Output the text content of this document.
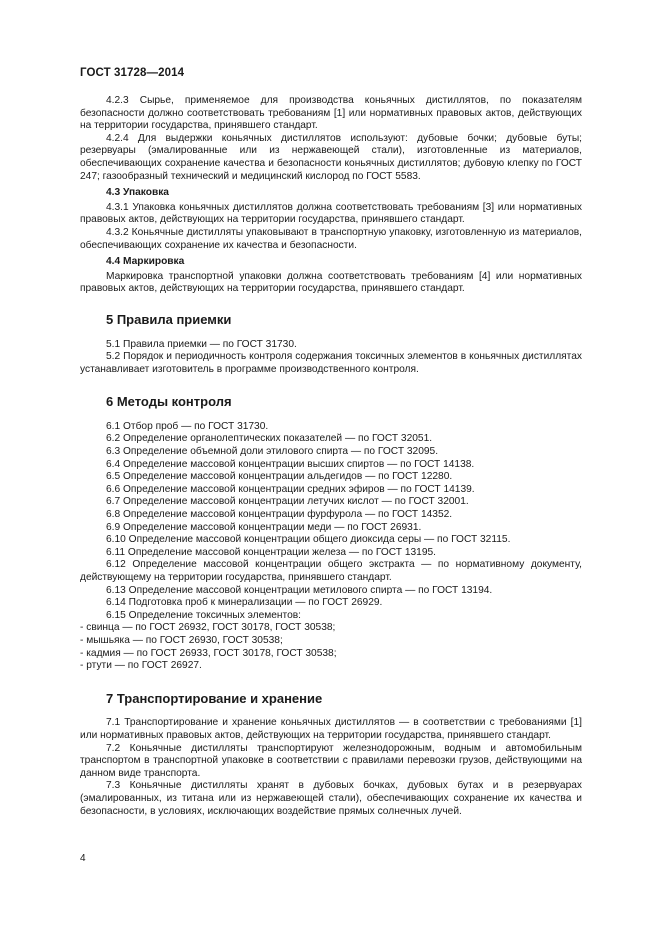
ГОСТ 31728—2014

4.2.3 Сырье, применяемое для производства коньячных дистиллятов, по показателям безопасности должно соответствовать требованиям [1] или нормативных правовых актов, действующих на территории государства, принявшего стандарт.

4.2.4 Для выдержки коньячных дистиллятов используют: дубовые бочки; дубовые буты; резервуары (эмалированные или из нержавеющей стали), изготовленные из материалов, обеспечивающих сохранение качества и безопасности коньячных дистиллятов; дубовую клепку по ГОСТ 247; газообразный технический и медицинский кислород по ГОСТ 5583.

4.3 Упаковка

4.3.1 Упаковка коньячных дистиллятов должна соответствовать требованиям [3] или нормативных правовых актов, действующих на территории государства, принявшего стандарт.

4.3.2 Коньячные дистилляты упаковывают в транспортную упаковку, изготовленную из материалов, обеспечивающих сохранение их качества и безопасности.

4.4 Маркировка

Маркировка транспортной упаковки должна соответствовать требованиям [4] или нормативных правовых актов, действующих на территории государства, принявшего стандарт.

5 Правила приемки

5.1 Правила приемки — по ГОСТ 31730.

5.2 Порядок и периодичность контроля содержания токсичных элементов в коньячных дистиллятах устанавливает изготовитель в программе производственного контроля.

6 Методы контроля

6.1 Отбор проб — по ГОСТ 31730.

6.2 Определение органолептических показателей — по ГОСТ 32051.

6.3 Определение объемной доли этилового спирта — по ГОСТ 32095.

6.4 Определение массовой концентрации высших спиртов — по ГОСТ 14138.

6.5 Определение массовой концентрации альдегидов — по ГОСТ 12280.

6.6 Определение массовой концентрации средних эфиров — по ГОСТ 14139.

6.7 Определение массовой концентрации летучих кислот — по ГОСТ 32001.

6.8 Определение массовой концентрации фурфурола — по ГОСТ 14352.

6.9 Определение массовой концентрации меди — по ГОСТ 26931.

6.10 Определение массовой концентрации общего диоксида серы — по ГОСТ 32115.

6.11 Определение массовой концентрации железа — по ГОСТ 13195.

6.12 Определение массовой концентрации общего экстракта — по нормативному документу, действующему на территории государства, принявшего стандарт.

6.13 Определение массовой концентрации метилового спирта — по ГОСТ 13194.

6.14 Подготовка проб к минерализации — по ГОСТ 26929.

6.15 Определение токсичных элементов:

- свинца — по ГОСТ 26932, ГОСТ 30178, ГОСТ 30538;

- мышьяка — по ГОСТ 26930, ГОСТ 30538;

- кадмия — по ГОСТ 26933, ГОСТ 30178, ГОСТ 30538;

- ртути — по ГОСТ 26927.

7 Транспортирование и хранение

7.1 Транспортирование и хранение коньячных дистиллятов — в соответствии с требованиями [1] или нормативных правовых актов, действующих на территории государства, принявшего стандарт.

7.2 Коньячные дистилляты транспортируют железнодорожным, водным и автомобильным транспортом в транспортной упаковке в соответствии с правилами перевозки грузов, действующими на данном виде транспорта.

7.3 Коньячные дистилляты хранят в дубовых бочках, дубовых бутах и в резервуарах (эмалированных, из титана или из нержавеющей стали), обеспечивающих сохранение их качества и безопасности, в условиях, исключающих воздействие прямых солнечных лучей.

4
